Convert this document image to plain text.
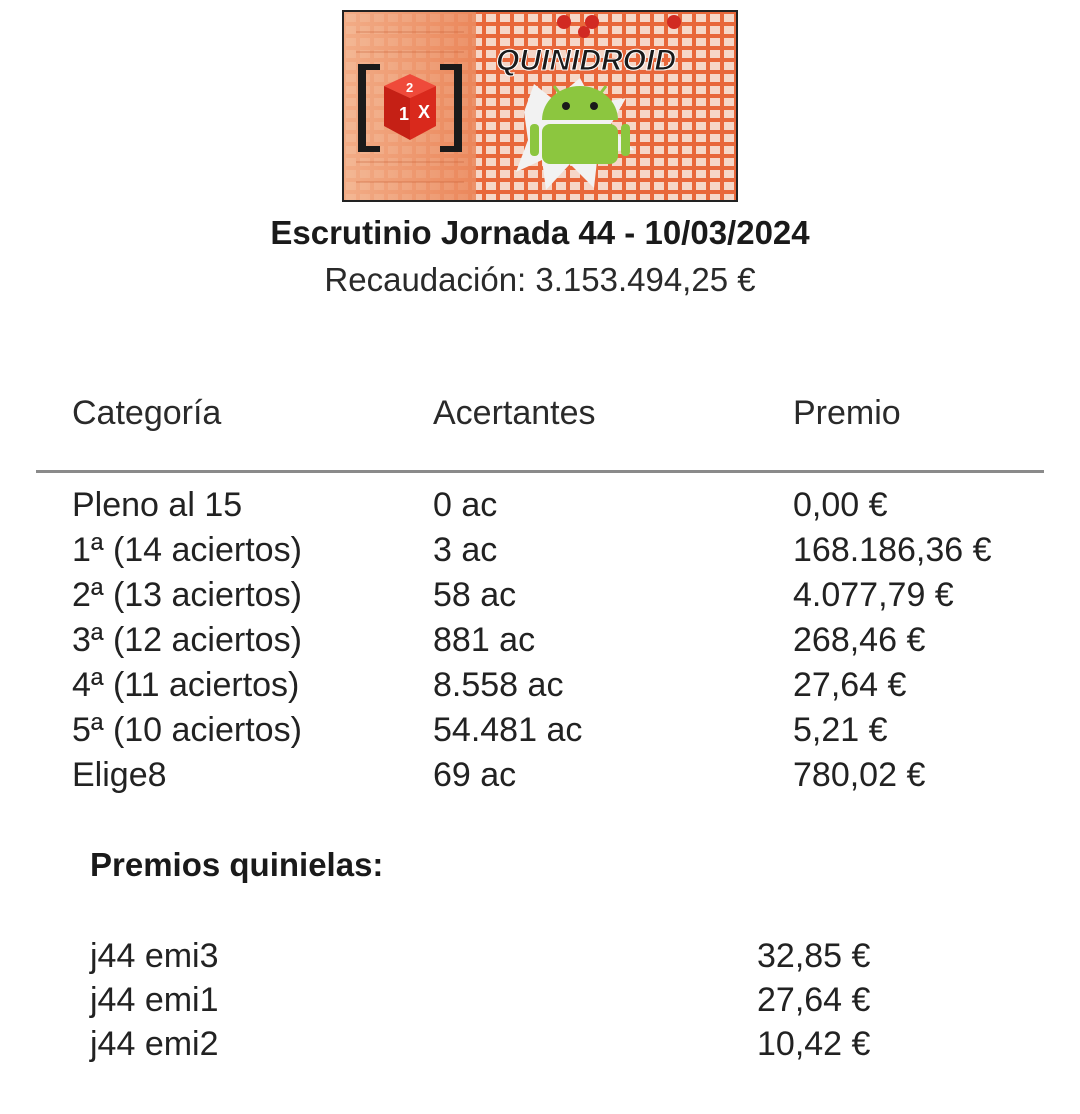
1 X
2
QUINIDROID
Escrutinio Jornada 44 - 10/03/2024
Recaudación: 3.153.494,25 €
Categoría	Acertantes	Premio
Pleno al 15	0 ac	0,00 €
1ª (14 aciertos)	3 ac	168.186,36 €
2ª (13 aciertos)	58 ac	4.077,79 €
3ª (12 aciertos)	881 ac	268,46 €
4ª (11 aciertos)	8.558 ac	27,64 €
5ª (10 aciertos)	54.481 ac	5,21 €
Elige8	69 ac	780,02 €
Premios quinielas:
j44 emi3	32,85 €
j44 emi1	27,64 €
j44 emi2	10,42 €
